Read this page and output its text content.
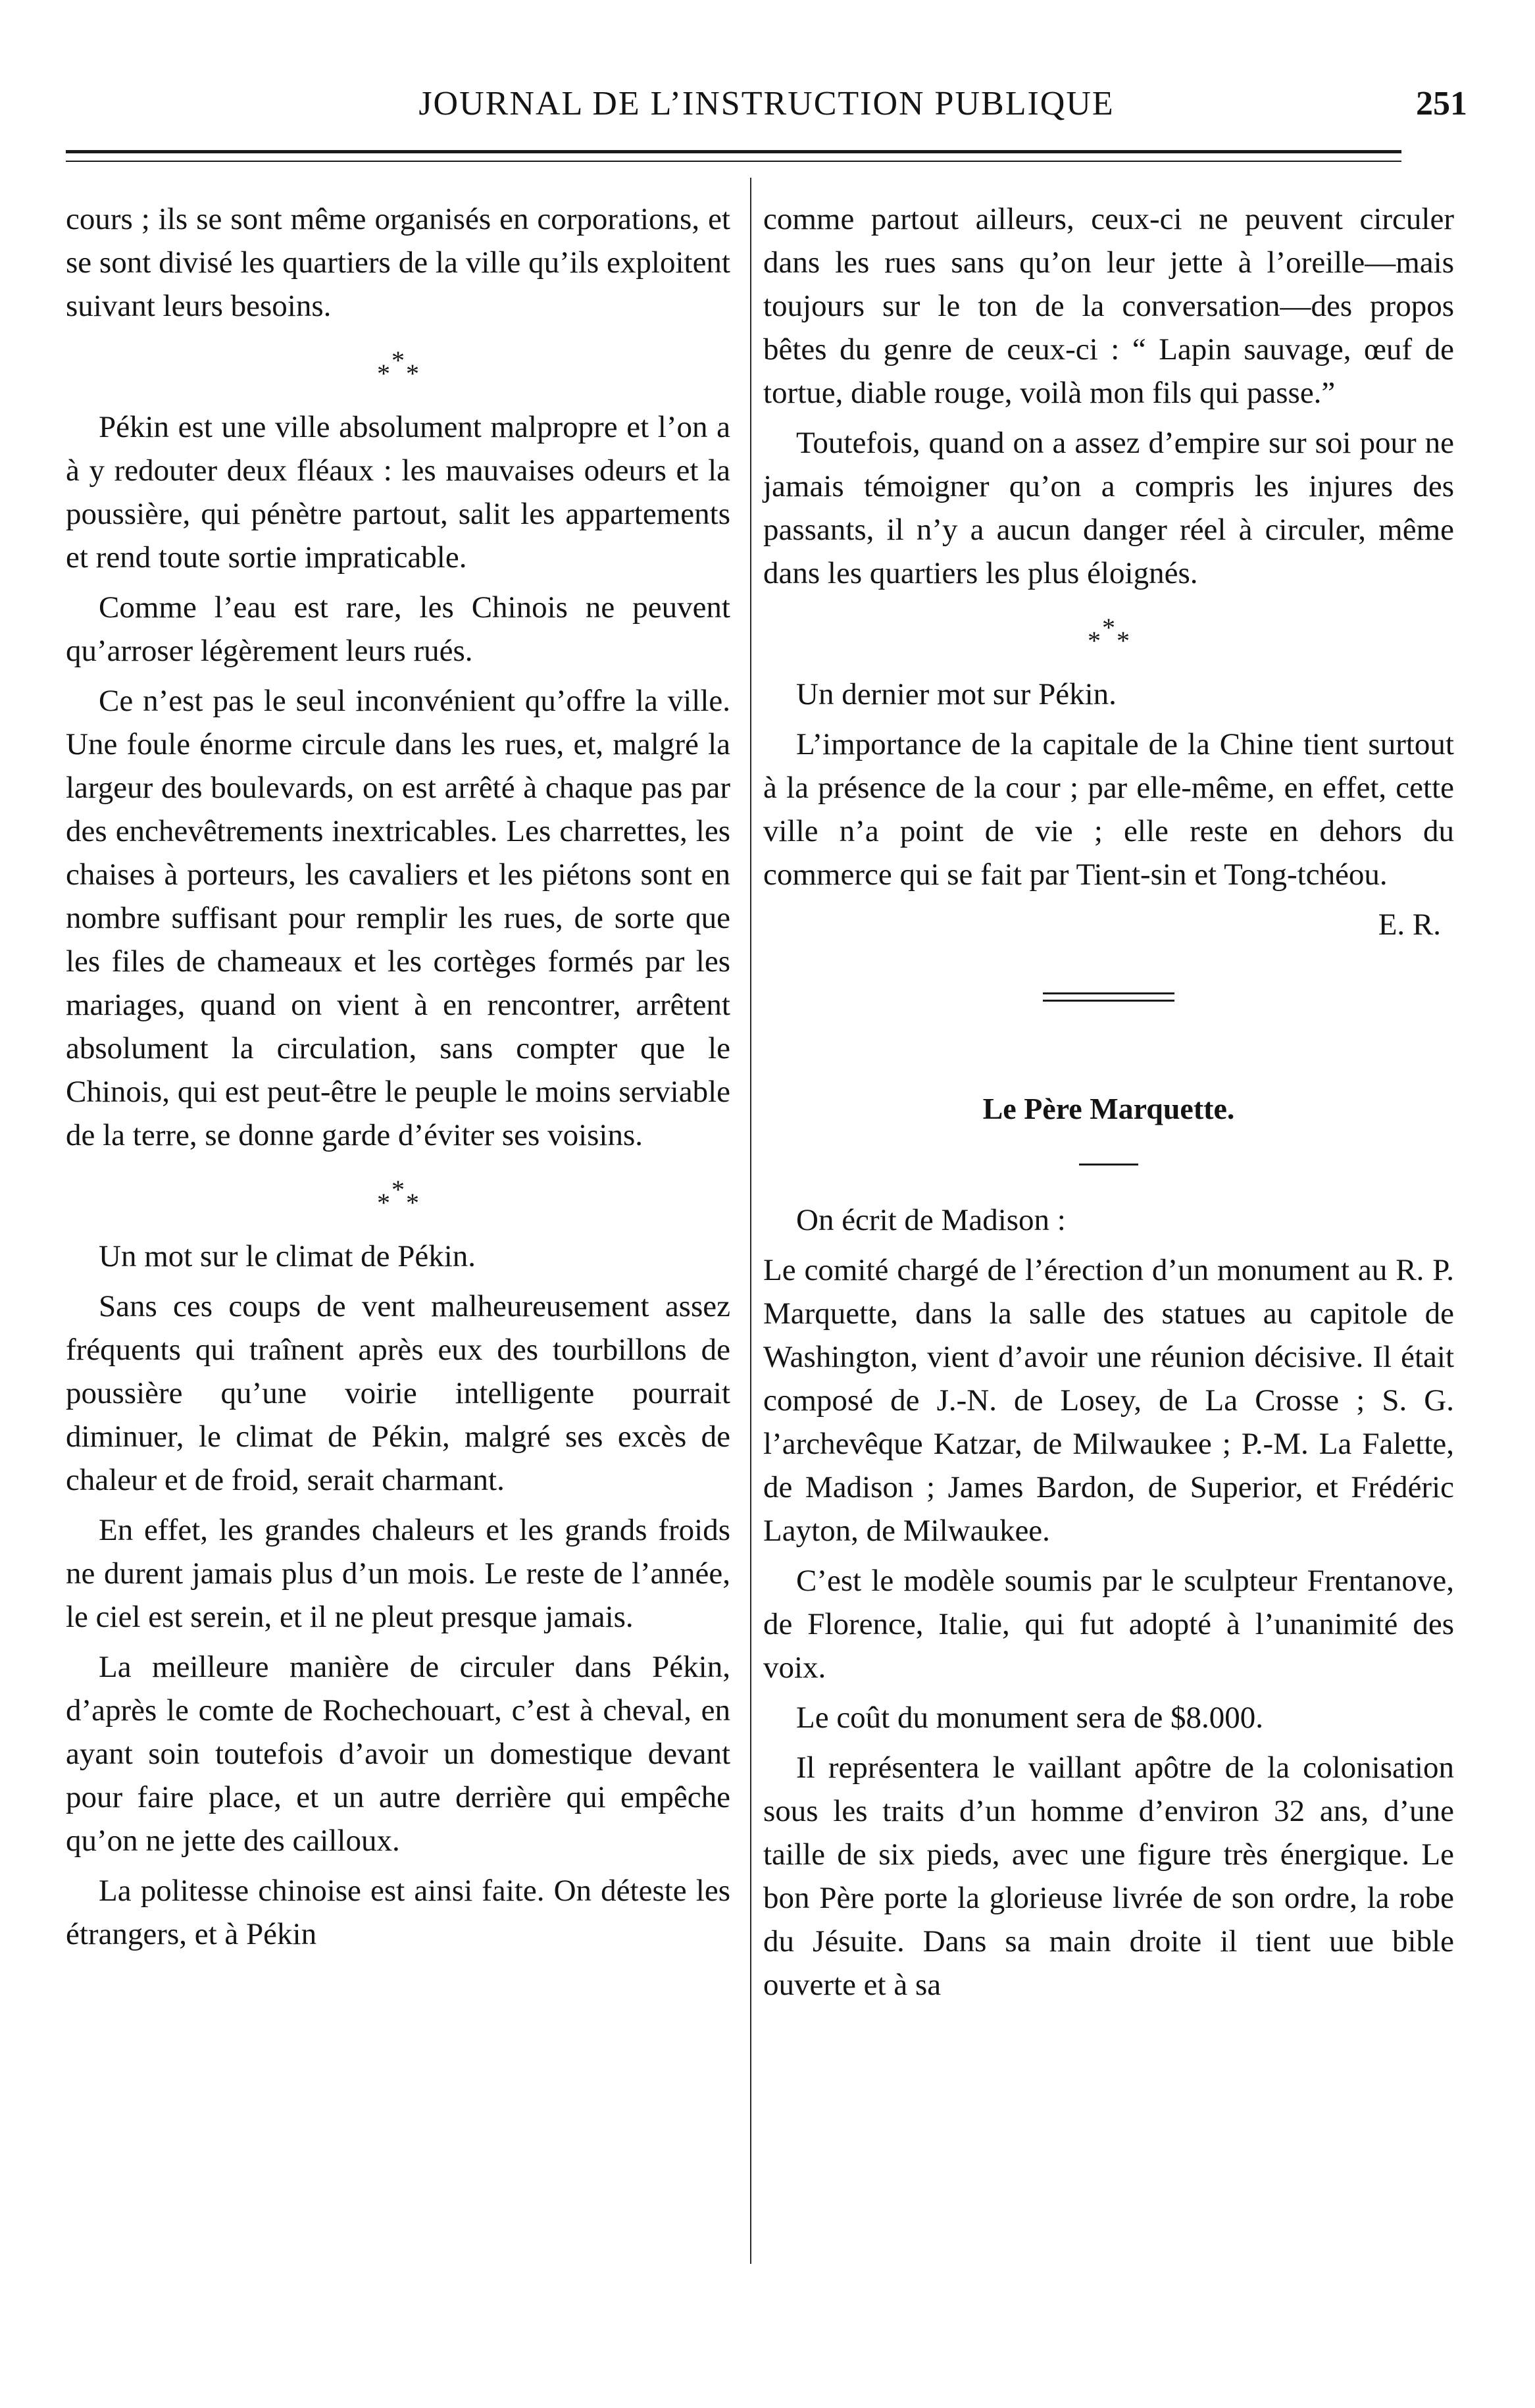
JOURNAL DE L’INSTRUCTION PUBLIQUE	251

cours ; ils se sont même organisés en corporations, et se sont divisé les quartiers de la ville qu’ils exploitent suivant leurs besoins.

*
* *

Pékin est une ville absolument malpropre et l’on a à y redouter deux fléaux : les mauvaises odeurs et la poussière, qui pénètre partout, salit les appartements et rend toute sortie impraticable.

Comme l’eau est rare, les Chinois ne peuvent qu’arroser légèrement leurs rués.

Ce n’est pas le seul inconvénient qu’offre la ville. Une foule énorme circule dans les rues, et, malgré la largeur des boulevards, on est arrêté à chaque pas par des enchevêtrements inextricables. Les charrettes, les chaises à porteurs, les cavaliers et les piétons sont en nombre suffisant pour remplir les rues, de sorte que les files de chameaux et les cortèges formés par les mariages, quand on vient à en rencontrer, arrêtent absolument la circulation, sans compter que le Chinois, qui est peut-être le peuple le moins serviable de la terre, se donne garde d’éviter ses voisins.

*
* *

Un mot sur le climat de Pékin.

Sans ces coups de vent malheureusement assez fréquents qui traînent après eux des tourbillons de poussière qu’une voirie intelligente pourrait diminuer, le climat de Pékin, malgré ses excès de chaleur et de froid, serait charmant.

En effet, les grandes chaleurs et les grands froids ne durent jamais plus d’un mois. Le reste de l’année, le ciel est serein, et il ne pleut presque jamais.

La meilleure manière de circuler dans Pékin, d’après le comte de Rochechouart, c’est à cheval, en ayant soin toutefois d’avoir un domestique devant pour faire place, et un autre derrière qui empêche qu’on ne jette des cailloux.

La politesse chinoise est ainsi faite. On déteste les étrangers, et à Pékin

comme partout ailleurs, ceux-ci ne peuvent circuler dans les rues sans qu’on leur jette à l’oreille—mais toujours sur le ton de la conversation—des propos bêtes du genre de ceux-ci : “ Lapin sauvage, œuf de tortue, diable rouge, voilà mon fils qui passe.”

Toutefois, quand on a assez d’empire sur soi pour ne jamais témoigner qu’on a compris les injures des passants, il n’y a aucun danger réel à circuler, même dans les quartiers les plus éloignés.

*
* *

Un dernier mot sur Pékin.

L’importance de la capitale de la Chine tient surtout à la présence de la cour ; par elle-même, en effet, cette ville n’a point de vie ; elle reste en dehors du commerce qui se fait par Tient-sin et Tong-tchéou.

E. R.

Le Père Marquette.

On écrit de Madison :

Le comité chargé de l’érection d’un monument au R. P. Marquette, dans la salle des statues au capitole de Washington, vient d’avoir une réunion décisive. Il était composé de J.-N. de Losey, de La Crosse ; S. G. l’archevêque Katzar, de Milwaukee ; P.-M. La Falette, de Madison ; James Bardon, de Superior, et Frédéric Layton, de Milwaukee.

C’est le modèle soumis par le sculpteur Frentanove, de Florence, Italie, qui fut adopté à l’unanimité des voix.

Le coût du monument sera de $8.000.

Il représentera le vaillant apôtre de la colonisation sous les traits d’un homme d’environ 32 ans, d’une taille de six pieds, avec une figure très énergique. Le bon Père porte la glorieuse livrée de son ordre, la robe du Jésuite. Dans sa main droite il tient uue bible ouverte et à sa
